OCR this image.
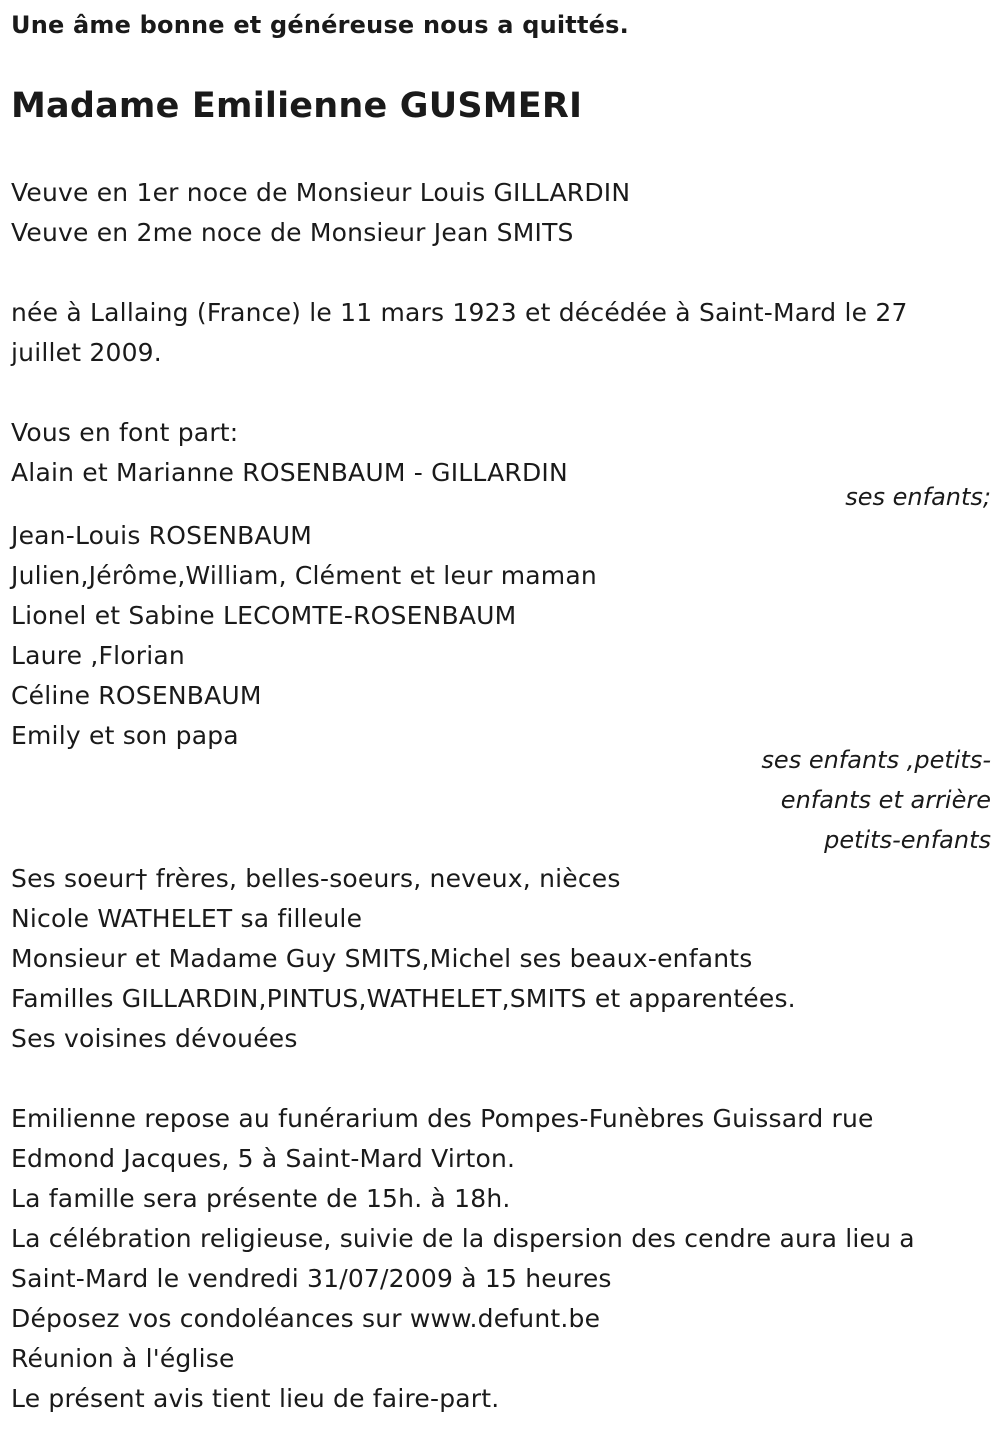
Une âme bonne et généreuse nous a quittés.
Madame Emilienne GUSMERI
Veuve en 1er noce de Monsieur Louis GILLARDIN
Veuve en 2me noce de Monsieur Jean SMITS
née à Lallaing (France) le 11 mars 1923 et décédée à Saint-Mard le 27
juillet 2009.
Vous en font part:
Alain et Marianne ROSENBAUM - GILLARDIN
ses enfants;
Jean-Louis ROSENBAUM
Julien,Jérôme,William, Clément et leur maman
Lionel et Sabine LECOMTE-ROSENBAUM
Laure ,Florian
Céline ROSENBAUM
Emily et son papa
ses enfants ,petits-
enfants et arrière
petits-enfants
Ses soeur† frères, belles-soeurs, neveux, nièces
Nicole WATHELET sa filleule
Monsieur et Madame Guy SMITS,Michel ses beaux-enfants
Familles GILLARDIN,PINTUS,WATHELET,SMITS et apparentées.
Ses voisines dévouées
Emilienne repose au funérarium des Pompes-Funèbres Guissard rue
Edmond Jacques, 5 à Saint-Mard Virton.
La famille sera présente de 15h. à 18h.
La célébration religieuse, suivie de la dispersion des cendre aura lieu a
Saint-Mard le vendredi 31/07/2009 à 15 heures
Déposez vos condoléances sur www.defunt.be
Réunion à l'église
Le présent avis tient lieu de faire-part.
